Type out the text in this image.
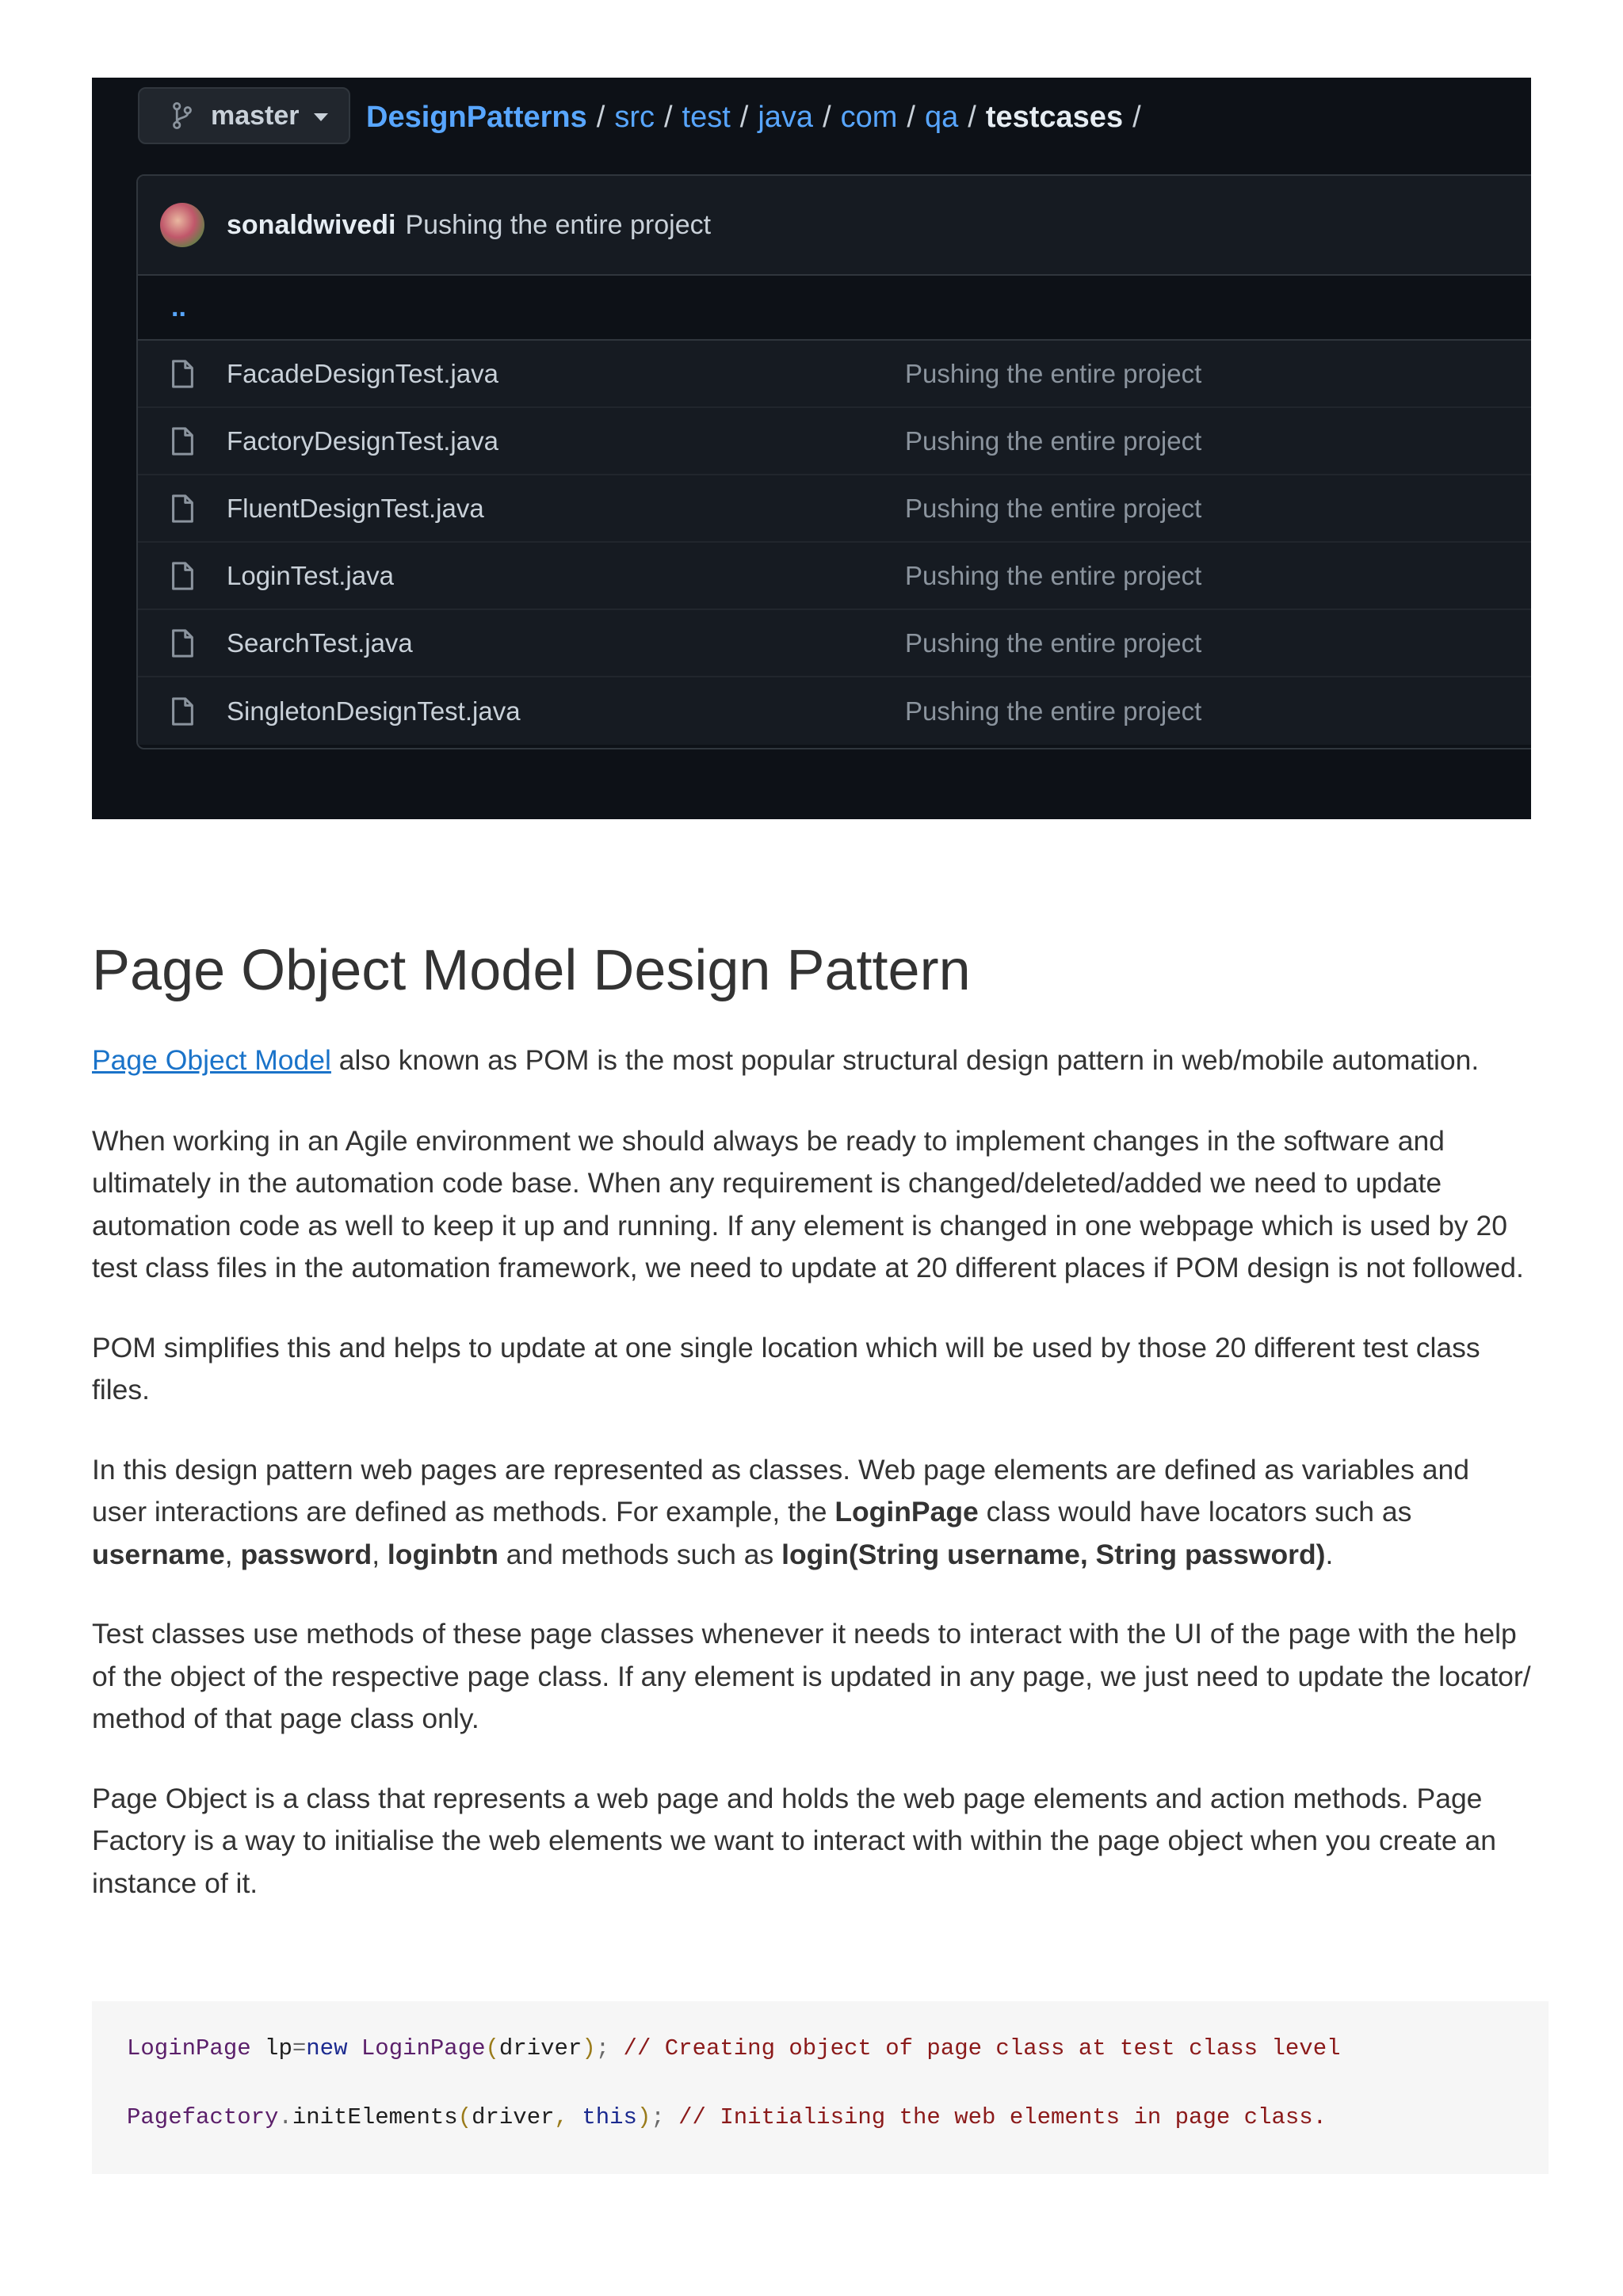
master DesignPatterns / src / test / java / com / qa / testcases /
sonaldwivedi Pushing the entire project
..
FacadeDesignTest.java	Pushing the entire project
FactoryDesignTest.java	Pushing the entire project
FluentDesignTest.java	Pushing the entire project
LoginTest.java	Pushing the entire project
SearchTest.java	Pushing the entire project
SingletonDesignTest.java	Pushing the entire project
Page Object Model Design Pattern

Page Object Model also known as POM is the most popular structural design pattern in web/mobile automation.

When working in an Agile environment we should always be ready to implement changes in the software and ultimately in the automation code base. When any requirement is changed/deleted/added we need to update automation code as well to keep it up and running. If any element is changed in one webpage which is used by 20 test class files in the automation framework, we need to update at 20 different places if POM design is not followed.

POM simplifies this and helps to update at one single location which will be used by those 20 different test class files.

In this design pattern web pages are represented as classes. Web page elements are defined as variables and user interactions are defined as methods. For example, the LoginPage class would have locators such as username, password, loginbtn and methods such as login(String username, String password).

Test classes use methods of these page classes whenever it needs to interact with the UI of the page with the help of the object of the respective page class. If any element is updated in any page, we just need to update the locator/ method of that page class only.

Page Object is a class that represents a web page and holds the web page elements and action methods. Page Factory is a way to initialise the web elements we want to interact with within the page object when you create an instance of it.

LoginPage lp=new LoginPage(driver); // Creating object of page class at test class level
Pagefactory.initElements(driver, this); // Initialising the web elements in page class.
